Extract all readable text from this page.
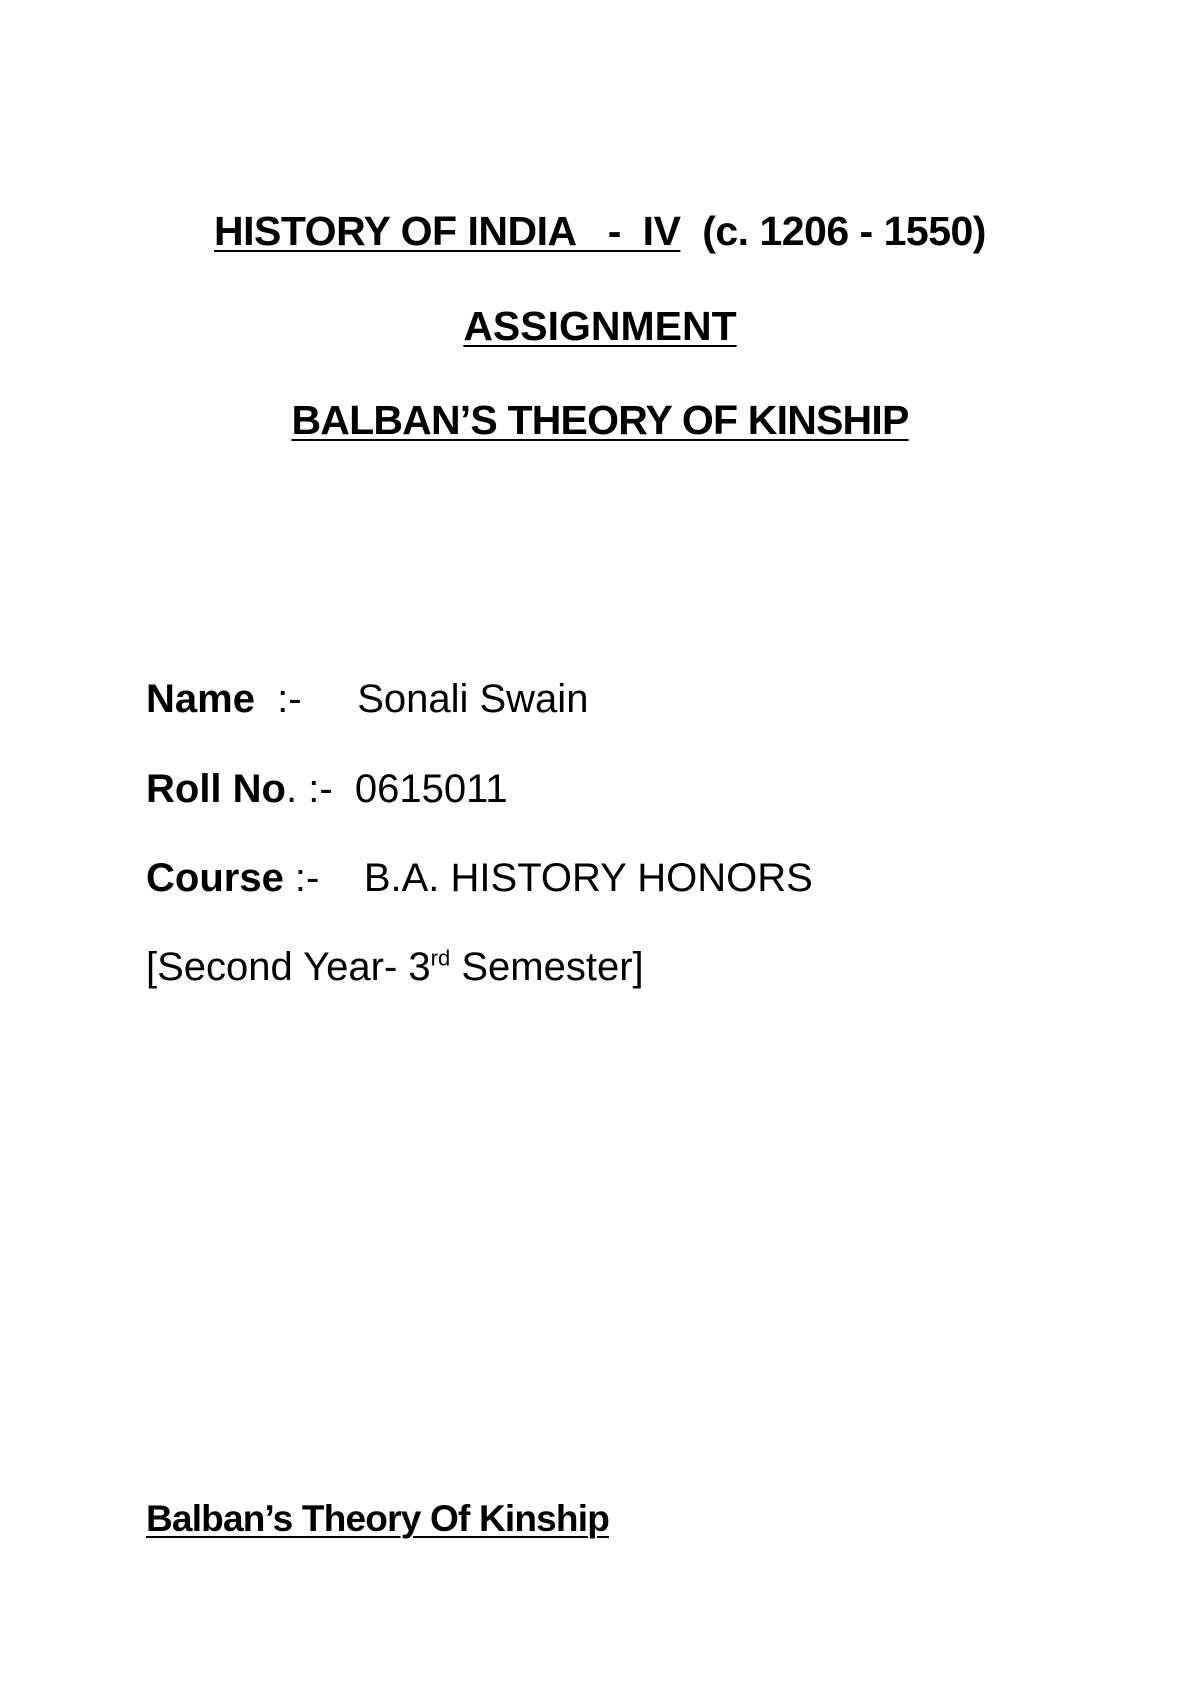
HISTORY OF INDIA   -  IV (c. 1206 - 1550)
ASSIGNMENT
BALBAN’S THEORY OF KINSHIP
Name  :-     Sonali Swain
Roll No. :-  0615011
Course :-    B.A. HISTORY HONORS
[Second Year- 3rd Semester]
Balban’s Theory Of Kinship
